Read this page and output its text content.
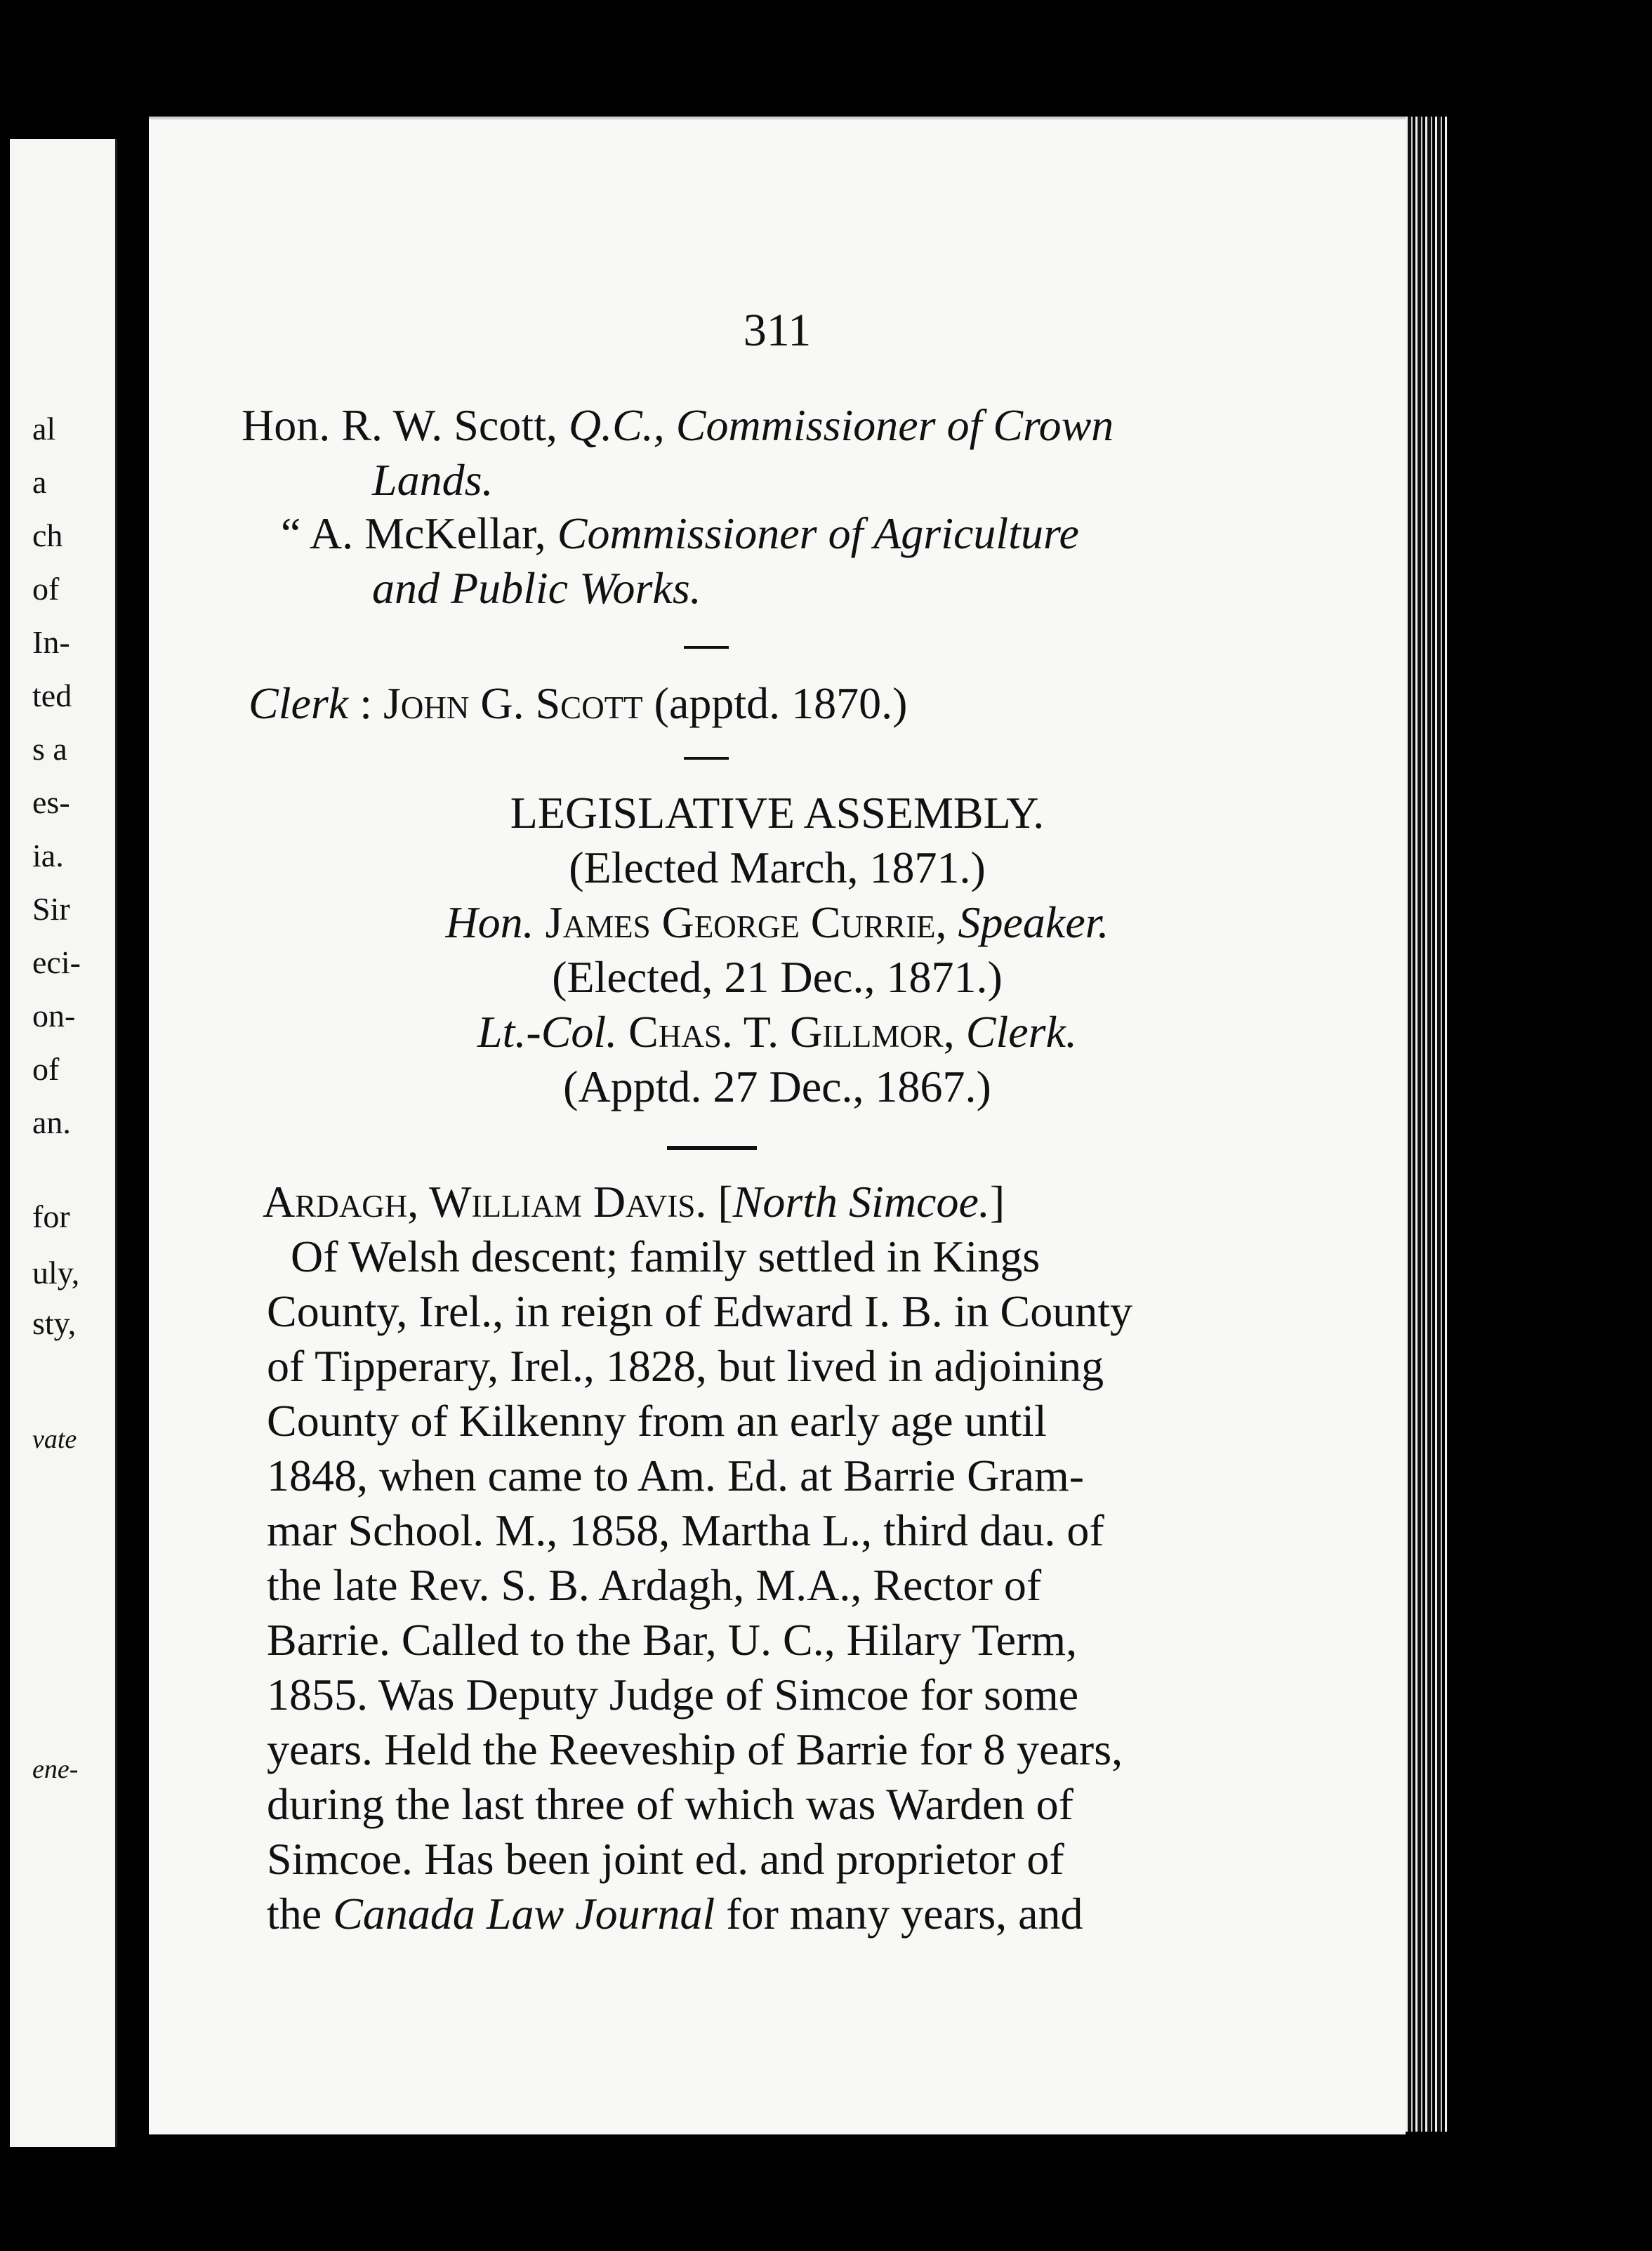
al
a
ch
of
In-
ted
s a
es-
ia.
Sir
eci-
on-
of
an.
for
uly,
sty,
vate
ene-
311
Hon. R. W. Scott, Q.C., Commissioner of Crown
Lands.
“ A. McKellar, Commissioner of Agriculture
and Public Works.
Clerk : John G. Scott (apptd. 1870.)
LEGISLATIVE ASSEMBLY.
(Elected March, 1871.)
Hon. James George Currie, Speaker.
(Elected, 21 Dec., 1871.)
Lt.-Col. Chas. T. Gillmor, Clerk.
(Apptd. 27 Dec., 1867.)
Ardagh, William Davis. [North Simcoe.]
Of Welsh descent; family settled in Kings
County, Irel., in reign of Edward I. B. in County
of Tipperary, Irel., 1828, but lived in adjoining
County of Kilkenny from an early age until
1848, when came to Am. Ed. at Barrie Gram-
mar School. M., 1858, Martha L., third dau. of
the late Rev. S. B. Ardagh, M.A., Rector of
Barrie. Called to the Bar, U. C., Hilary Term,
1855. Was Deputy Judge of Simcoe for some
years. Held the Reeveship of Barrie for 8 years,
during the last three of which was Warden of
Simcoe. Has been joint ed. and proprietor of
the Canada Law Journal for many years, and
